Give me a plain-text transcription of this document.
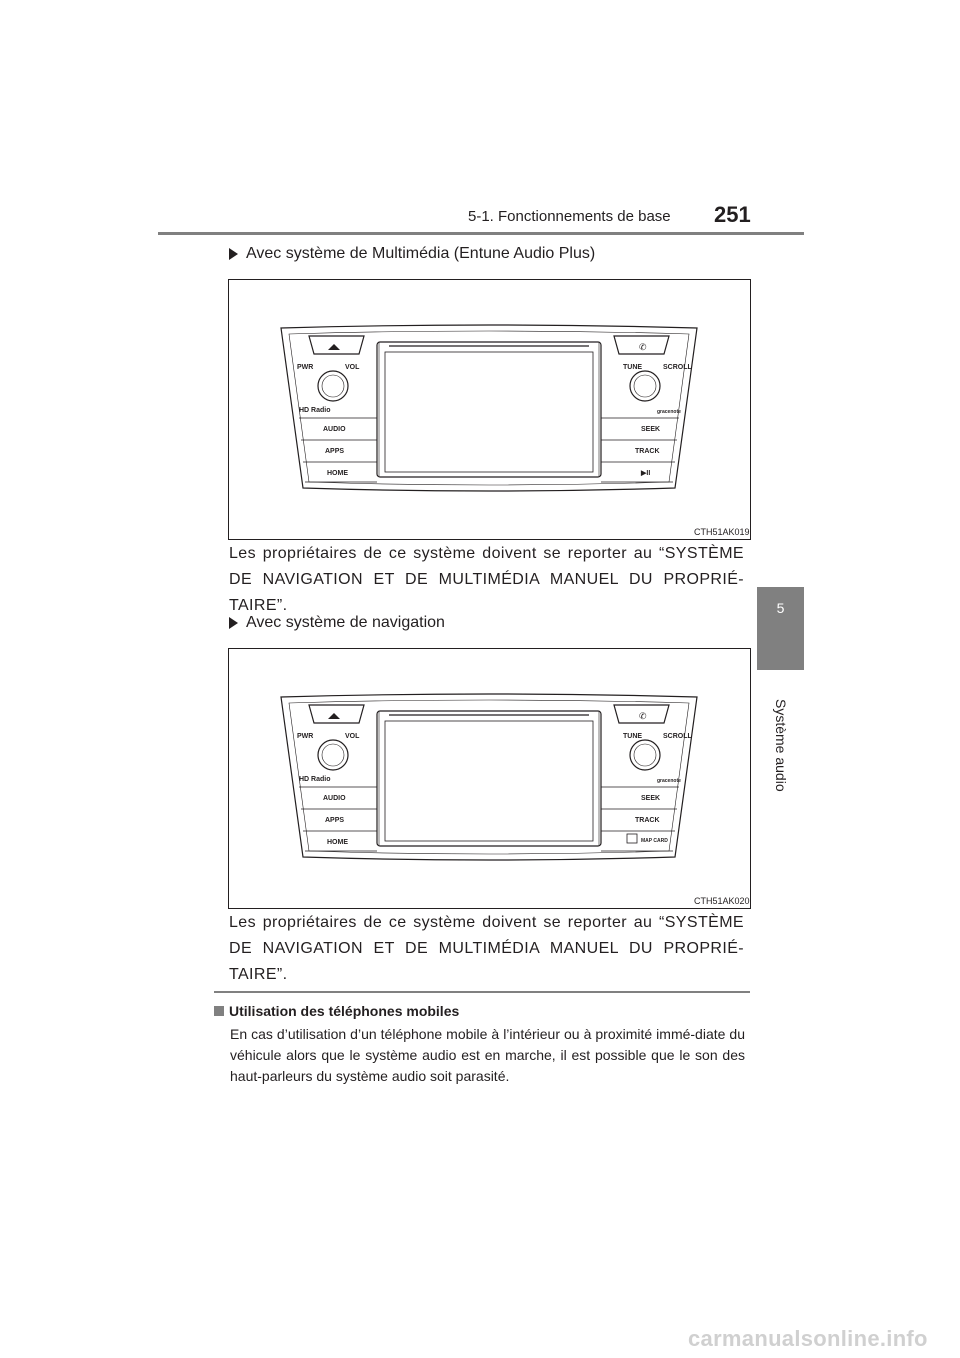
5-1. Fonctionnements de base 251
5
Système audio
Avec système de Multimédia (Entune Audio Plus)
PWR	VOL
HD Radio
AUDIO
APPS
HOME
TUNE	SCROLL
gracenote
SEEK
TRACK
▶II
✆
CTH51AK019
Les propriétaires de ce système doivent se reporter au “SYSTÈME DE NAVIGATION ET DE MULTIMÉDIA MANUEL DU PROPRIÉ-TAIRE”.
Avec système de navigation
PWR	VOL
HD Radio
AUDIO
APPS
HOME
TUNE	SCROLL
gracenote
SEEK
TRACK
MAP CARD
✆
CTH51AK020
Les propriétaires de ce système doivent se reporter au “SYSTÈME DE NAVIGATION ET DE MULTIMÉDIA MANUEL DU PROPRIÉ-TAIRE”.
Utilisation des téléphones mobiles
En cas d’utilisation d’un téléphone mobile à l’intérieur ou à proximité immé-diate du véhicule alors que le système audio est en marche, il est possible que le son des haut-parleurs du système audio soit parasité.
carmanualsonline.info
